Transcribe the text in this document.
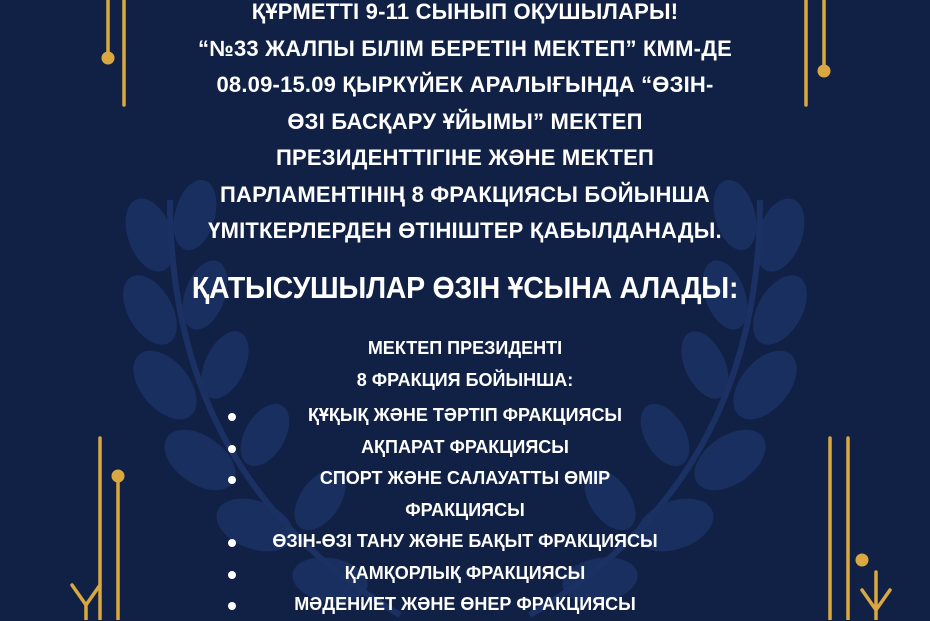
ҚҰРМЕТТІ 9-11 СЫНЫП ОҚУШЫЛАРЫ!
“№33 ЖАЛПЫ БІЛІМ БЕРЕТІН МЕКТЕП” КММ-ДЕ
08.09-15.09 ҚЫРКҮЙЕК АРАЛЫҒЫНДА “ӨЗІН-
ӨЗІ БАСҚАРУ ҰЙЫМЫ” МЕКТЕП
ПРЕЗИДЕНТТІГІНЕ ЖӘНЕ МЕКТЕП
ПАРЛАМЕНТІНІҢ 8 ФРАКЦИЯСЫ БОЙЫНША
ҮМІТКЕРЛЕРДЕН ӨТІНІШТЕР ҚАБЫЛДАНАДЫ.
ҚАТЫСУШЫЛАР ӨЗІН ҰСЫНА АЛАДЫ:
МЕКТЕП ПРЕЗИДЕНТІ
8 ФРАКЦИЯ БОЙЫНША:
ҚҰҚЫҚ ЖӘНЕ ТӘРТІП ФРАКЦИЯСЫ
АҚПАРАТ ФРАКЦИЯСЫ
СПОРТ ЖӘНЕ САЛАУАТТЫ ӨМІР
ФРАКЦИЯСЫ
ӨЗІН-ӨЗІ ТАНУ ЖӘНЕ БАҚЫТ ФРАКЦИЯСЫ
ҚАМҚОРЛЫҚ ФРАКЦИЯСЫ
МӘДЕНИЕТ ЖӘНЕ ӨНЕР ФРАКЦИЯСЫ
